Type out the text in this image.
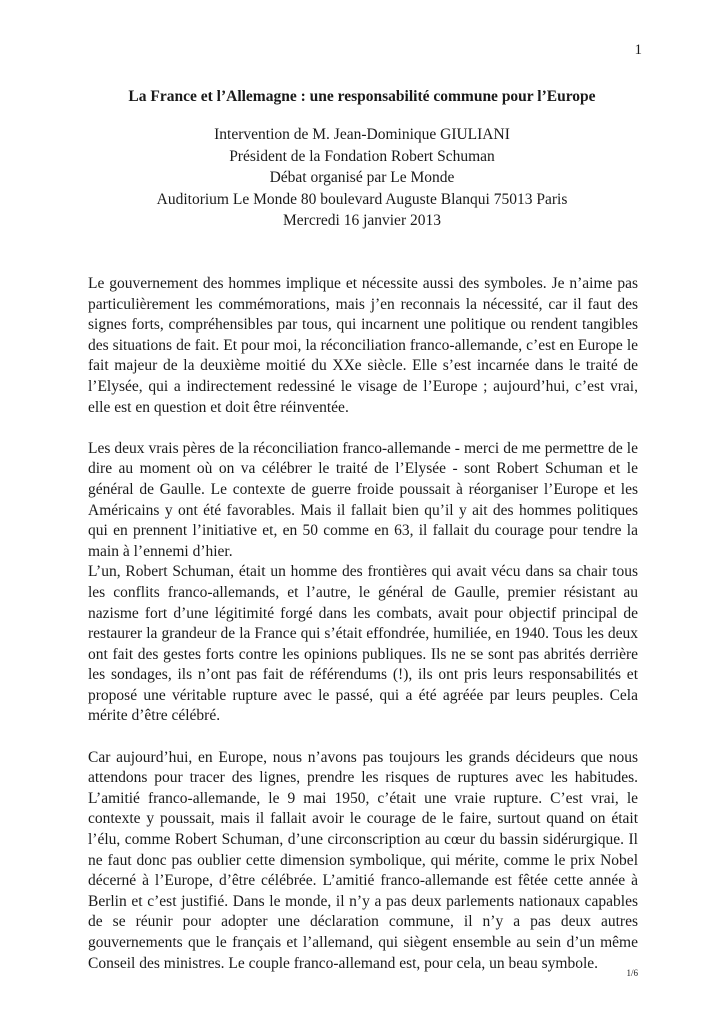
1
La France et l’Allemagne : une responsabilité commune pour l’Europe
Intervention de M. Jean-Dominique GIULIANI
Président de la Fondation Robert Schuman
Débat organisé par Le Monde
Auditorium Le Monde 80 boulevard Auguste Blanqui 75013 Paris
Mercredi 16 janvier 2013

Le gouvernement des hommes implique et nécessite aussi des symboles. Je n’aime pas particulièrement les commémorations, mais j’en reconnais la nécessité, car il faut des signes forts, compréhensibles par tous, qui incarnent une politique ou rendent tangibles des situations de fait. Et pour moi, la réconciliation franco-allemande, c’est en Europe le fait majeur de la deuxième moitié du XXe siècle. Elle s’est incarnée dans le traité de l’Elysée, qui a indirectement redessiné le visage de l’Europe ; aujourd’hui, c’est vrai, elle est en question et doit être réinventée.

Les deux vrais pères de la réconciliation franco-allemande - merci de me permettre de le dire au moment où on va célébrer le traité de l’Elysée - sont Robert Schuman et le général de Gaulle. Le contexte de guerre froide poussait à réorganiser l’Europe et les Américains y ont été favorables. Mais il fallait bien qu’il y ait des hommes politiques qui en prennent l’initiative et, en 50 comme en 63, il fallait du courage pour tendre la main à l’ennemi d’hier.

L’un, Robert Schuman, était un homme des frontières qui avait vécu dans sa chair tous les conflits franco-allemands, et l’autre, le général de Gaulle, premier résistant au nazisme fort d’une légitimité forgé dans les combats, avait pour objectif principal de restaurer la grandeur de la France qui s’était effondrée, humiliée, en 1940. Tous les deux ont fait des gestes forts contre les opinions publiques. Ils ne se sont pas abrités derrière les sondages, ils n’ont pas fait de référendums (!), ils ont pris leurs responsabilités et proposé une véritable rupture avec le passé, qui a été agréée par leurs peuples. Cela mérite d’être célébré.

Car aujourd’hui, en Europe, nous n’avons pas toujours les grands décideurs que nous attendons pour tracer des lignes, prendre les risques de ruptures avec les habitudes. L’amitié franco-allemande, le 9 mai 1950, c’était une vraie rupture. C’est vrai, le contexte y poussait, mais il fallait avoir le courage de le faire, surtout quand on était l’élu, comme Robert Schuman, d’une circonscription au cœur du bassin sidérurgique. Il ne faut donc pas oublier cette dimension symbolique, qui mérite, comme le prix Nobel décerné à l’Europe, d’être célébrée. L’amitié franco-allemande est fêtée cette année à Berlin et c’est justifié. Dans le monde, il n’y a pas deux parlements nationaux capables de se réunir pour adopter une déclaration commune, il n’y a pas deux autres gouvernements que le français et l’allemand, qui siègent ensemble au sein d’un même Conseil des ministres. Le couple franco-allemand est, pour cela, un beau symbole.

1/6
